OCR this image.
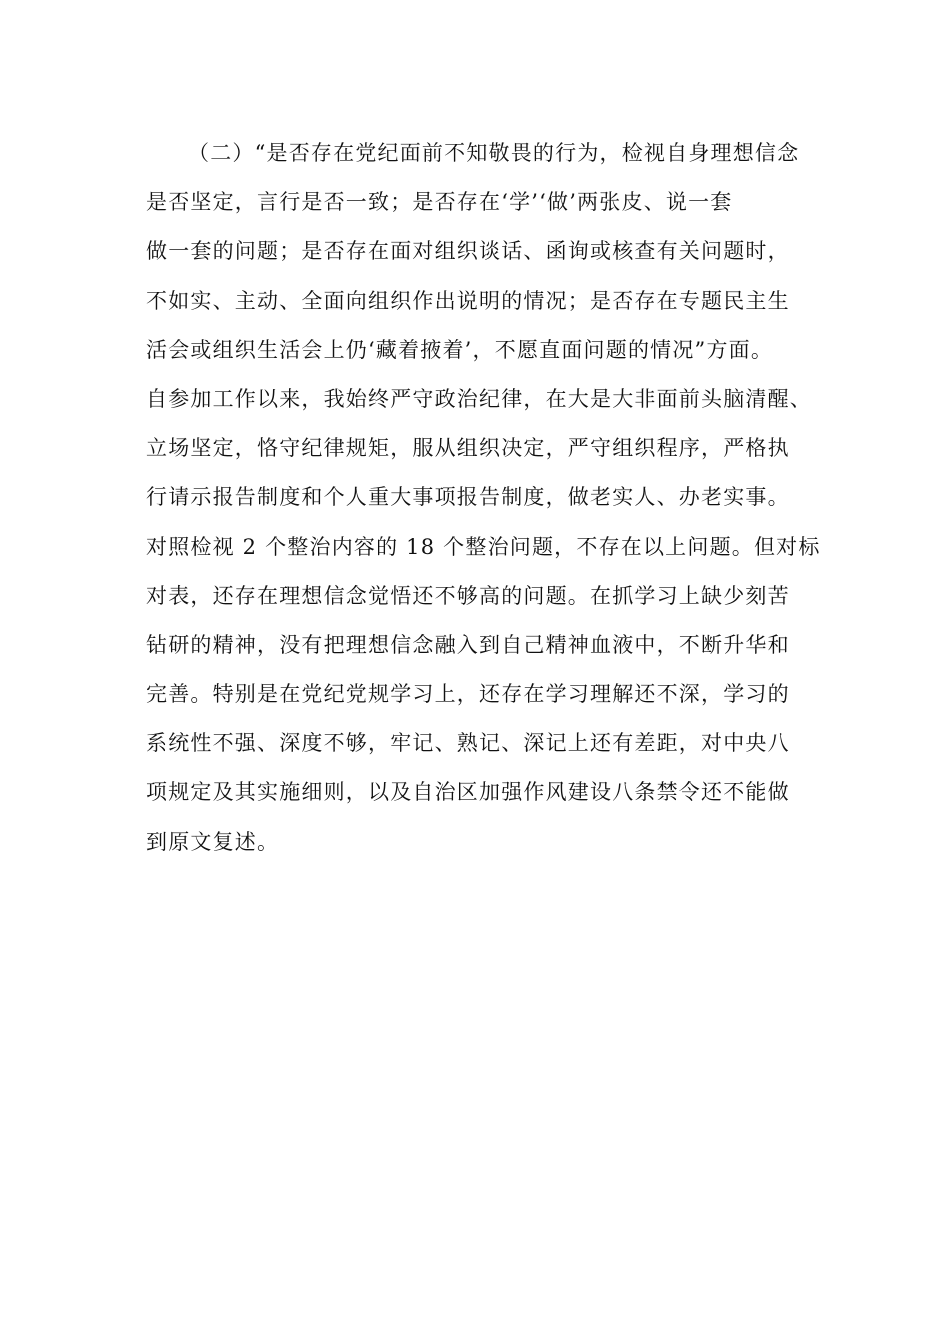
（二）“是否存在党纪面前不知敬畏的行为，检视自身理想信念
是否坚定，言行是否一致；是否存在‘学’‘做’两张皮、说一套
做一套的问题；是否存在面对组织谈话、函询或核查有关问题时，
不如实、主动、全面向组织作出说明的情况；是否存在专题民主生
活会或组织生活会上仍‘藏着掖着’，不愿直面问题的情况”方面。
自参加工作以来，我始终严守政治纪律，在大是大非面前头脑清醒、
立场坚定，恪守纪律规矩，服从组织决定，严守组织程序，严格执
行请示报告制度和个人重大事项报告制度，做老实人、办老实事。
对照检视 2 个整治内容的 18 个整治问题，不存在以上问题。但对标
对表，还存在理想信念觉悟还不够高的问题。在抓学习上缺少刻苦
钻研的精神，没有把理想信念融入到自己精神血液中，不断升华和
完善。特别是在党纪党规学习上，还存在学习理解还不深，学习的
系统性不强、深度不够，牢记、熟记、深记上还有差距，对中央八
项规定及其实施细则，以及自治区加强作风建设八条禁令还不能做
到原文复述。
